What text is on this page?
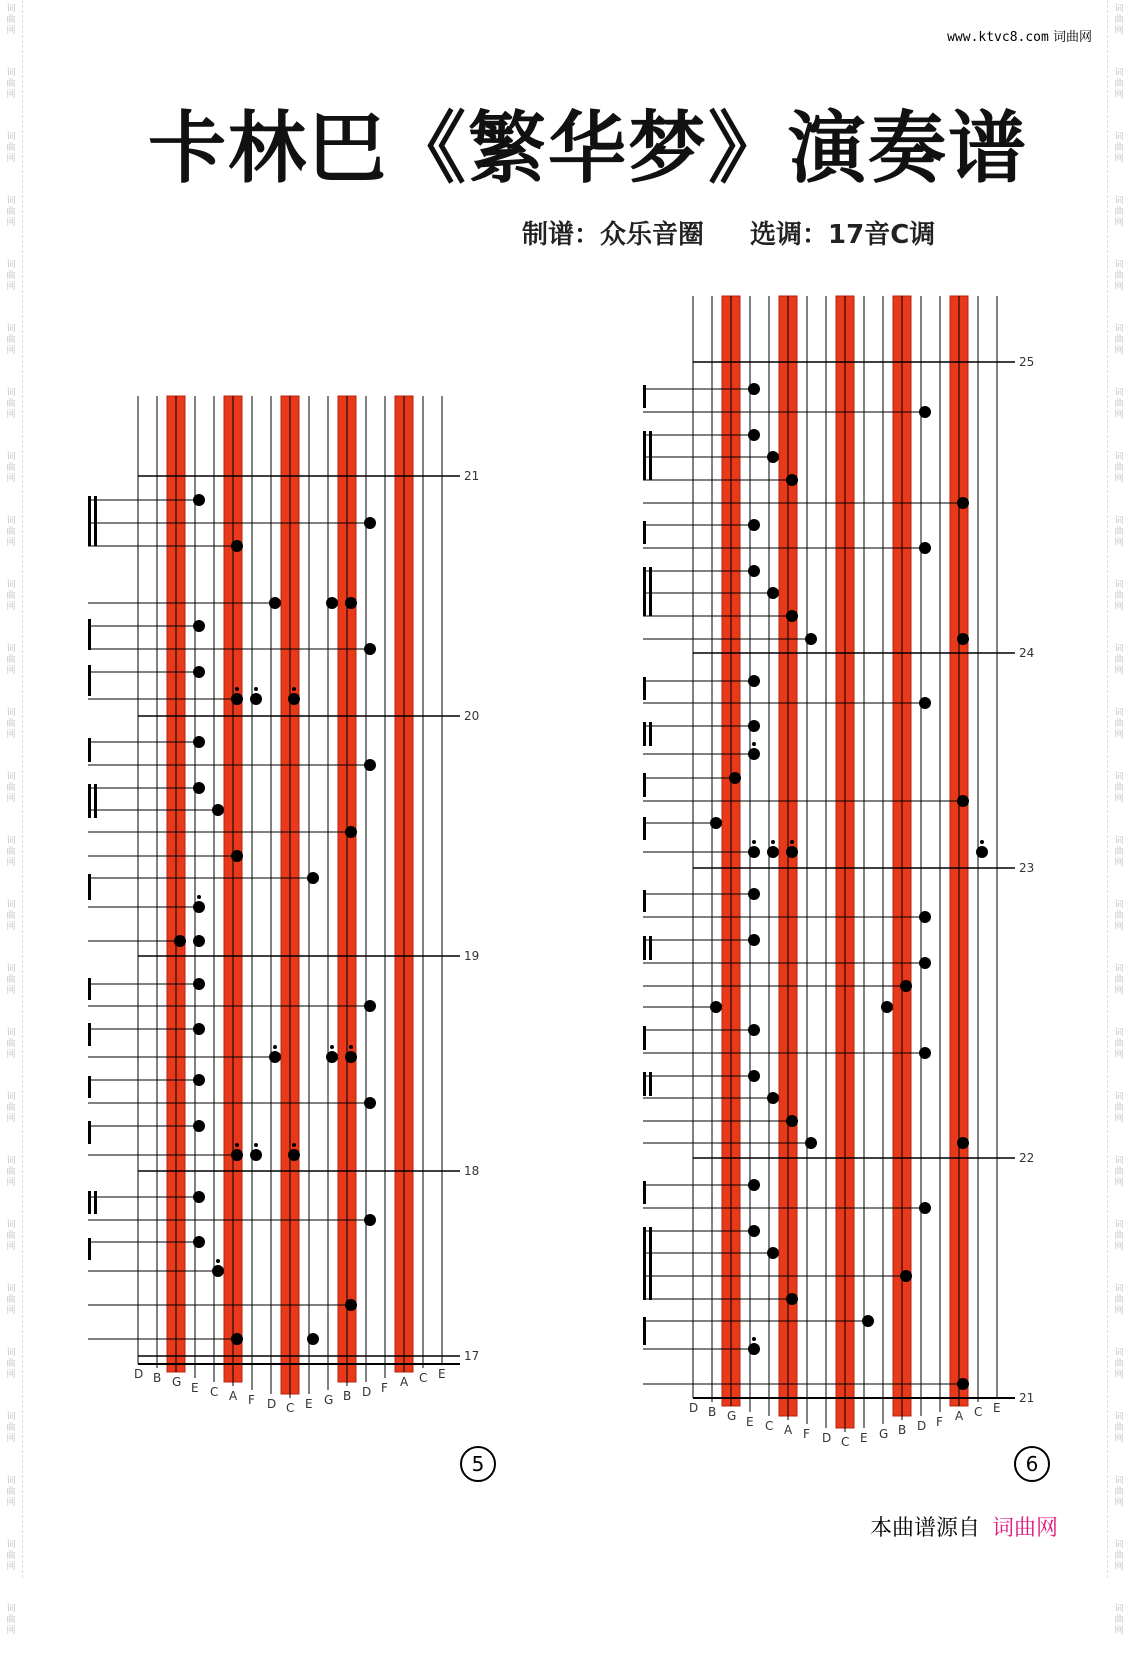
词
曲
网
词
曲
网
词
曲
网
词
曲
网
词
曲
网
词
曲
网
词
曲
网
词
曲
网
词
曲
网
词
曲
网
词
曲
网
词
曲
网
词
曲
网
词
曲
网
词
曲
网
词
曲
网
词
曲
网
词
曲
网
词
曲
网
词
曲
网
词
曲
网
词
曲
网
词
曲
网
词
曲
网
词
曲
网
词
曲
网
词
曲
网
词
曲
网
词
曲
网
词
曲
网
词
曲
网
词
曲
网
词
曲
网
词
曲
网
词
曲
网
词
曲
网
词
曲
网
词
曲
网
词
曲
网
词
曲
网
词
曲
网
词
曲
网
词
曲
网
词
曲
网
词
曲
网
词
曲
网
词
曲
网
词
曲
网
词
曲
网
词
曲
网
词
曲
网
词
曲
网
www.ktvc8.com 词曲网
卡林巴《繁华梦》演奏谱
制谱：众乐音圈 选调：17音C调
D B G E C A F D C E G B D F A C E
21
20
19
18
17
D B G E C A F D C E G B D F A C E
25
24
23
22
21
5	6
本曲谱源自 词曲网
